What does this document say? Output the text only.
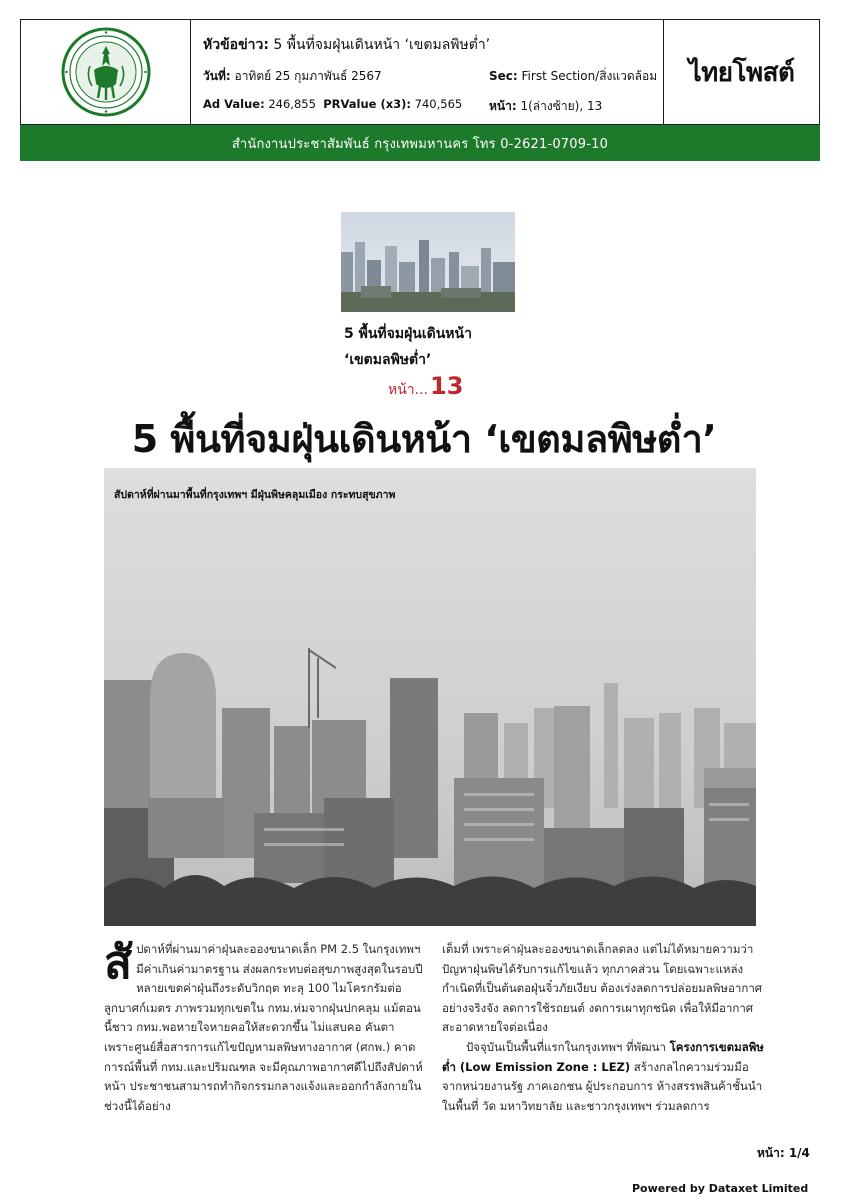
หัวข้อข่าว: 5 พื้นที่จมฝุ่นเดินหน้า ‘เขตมลพิษต่ำ’
วันที่: อาทิตย์ 25 กุมภาพันธ์ 2567	Sec: First Section/สิ่งแวดล้อม
Ad Value: 246,855 PRValue (x3): 740,565 หน้า: 1(ล่างซ้าย), 13
ไทยโพสต์
สำนักงานประชาสัมพันธ์ กรุงเทพมหานคร โทร 0-2621-0709-10
5 พื้นที่จมฝุ่นเดินหน้า
‘เขตมลพิษต่ำ’
หน้า...13
5 พื้นที่จมฝุ่นเดินหน้า ‘เขตมลพิษต่ำ’
สัปดาห์ที่ผ่านมาพื้นที่กรุงเทพฯ มีฝุ่นพิษคลุมเมือง กระทบสุขภาพ
สั ปดาห์ที่ผ่านมาค่าฝุ่นละอองขนาดเล็ก PM 2.5 ในกรุงเทพฯ มีค่าเกินค่ามาตรฐาน ส่งผลกระทบต่อสุขภาพสูงสุดในรอบปี หลายเขตค่าฝุ่นถึงระดับวิกฤต ทะลุ 100 ไมโครกรัมต่อลูกบาศก์เมตร ภาพรวมทุกเขตใน กทม.ห่มจากฝุ่นปกคลุม แม้ตอนนี้ชาว กทม.พอหายใจหายคอให้สะดวกขึ้น ไม่แสบคอ คันตา เพราะศูนย์สื่อสารการแก้ไขปัญหามลพิษทางอากาศ (ศกพ.) คาดการณ์พื้นที่ กทม.และปริมณฑล จะมีคุณภาพอากาศดีไปถึงสัปดาห์หน้า ประชาชนสามารถทำกิจกรรมกลางแจ้งและออกกำลังกายในช่วงนี้ได้อย่าง

เต็มที่ เพราะค่าฝุ่นละอองขนาดเล็กลดลง แต่ไม่ได้หมายความว่าปัญหาฝุ่นพิษได้รับการแก้ไขแล้ว ทุกภาคส่วน โดยเฉพาะแหล่งกำเนิดที่เป็นต้นตอฝุ่นจิ๋วภัยเงียบ ต้องเร่งลดการปล่อยมลพิษอากาศอย่างจริงจัง ลดการใช้รถยนต์ งดการเผาทุกชนิด เพื่อให้มีอากาศสะอาดหายใจต่อเนื่อง

ปัจจุบันเป็นพื้นที่แรกในกรุงเทพฯ ที่พัฒนา โครงการเขตมลพิษต่ำ (Low Emission Zone : LEZ) สร้างกลไกความร่วมมือจากหน่วยงานรัฐ ภาคเอกชน ผู้ประกอบการ ห้างสรรพสินค้าชั้นนำในพื้นที่ วัด มหาวิทยาลัย และชาวกรุงเทพฯ ร่วมลดการ

หน้า: 1/4
Powered by Dataxet Limited
